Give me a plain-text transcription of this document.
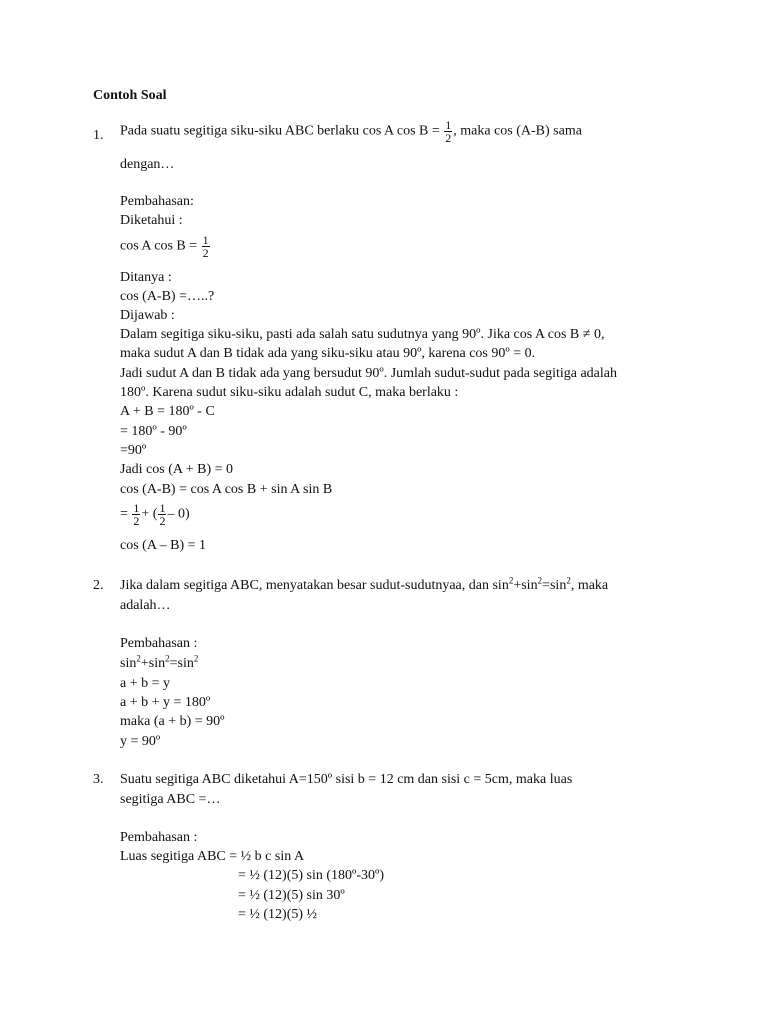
Contoh Soal
1. Pada suatu segitiga siku-siku ABC berlaku cos A $\cos B = \frac{1}{2}$ , maka cos (A-B) sama
dengan…
Pembahasan:
Diketahui :
cos A $\cos B = \frac{1}{2}$
Ditanya :
cos (A-B) =…..?
Dijawab :
Dalam segitiga siku-siku, pasti ada salah satu sudutnya yang 90º. Jika cos A cos B ≠ 0,
maka sudut A dan B tidak ada yang siku-siku atau 90º, karena cos 90º = 0.
Jadi sudut A dan B tidak ada yang bersudut 90º. Jumlah sudut-sudut pada segitiga adalah
180º. Karena sudut siku-siku adalah sudut C, maka berlaku :
A + B = 180º - C
= 180º - 90º
=90º
Jadi cos (A + B) = 0
cos (A-B) = cos A cos B + sin A sin B
= $\frac{1}{2}$ + ( $\frac{1}{2} - 0$)
cos (A – B) = 1
2. Jika dalam segitiga ABC, menyatakan besar sudut-sudutnyaa, dan $\sin^2+\sin^2=\sin^2$, maka
adalah…
Pembahasan :
$\sin^2+\sin^2=\sin^2$
a + b = y
a + b + y = 180º
maka (a + b) = 90º
y = 90º
3. Suatu segitiga ABC diketahui A=150º sisi b = 12 cm dan sisi c = 5cm, maka luas
segitiga ABC =…
Pembahasan :
Luas segitiga ABC = ½ b c sin A
= ½ (12)(5) sin (180º-30º)
= ½ (12)(5) sin 30º
= ½ (12)(5) ½
